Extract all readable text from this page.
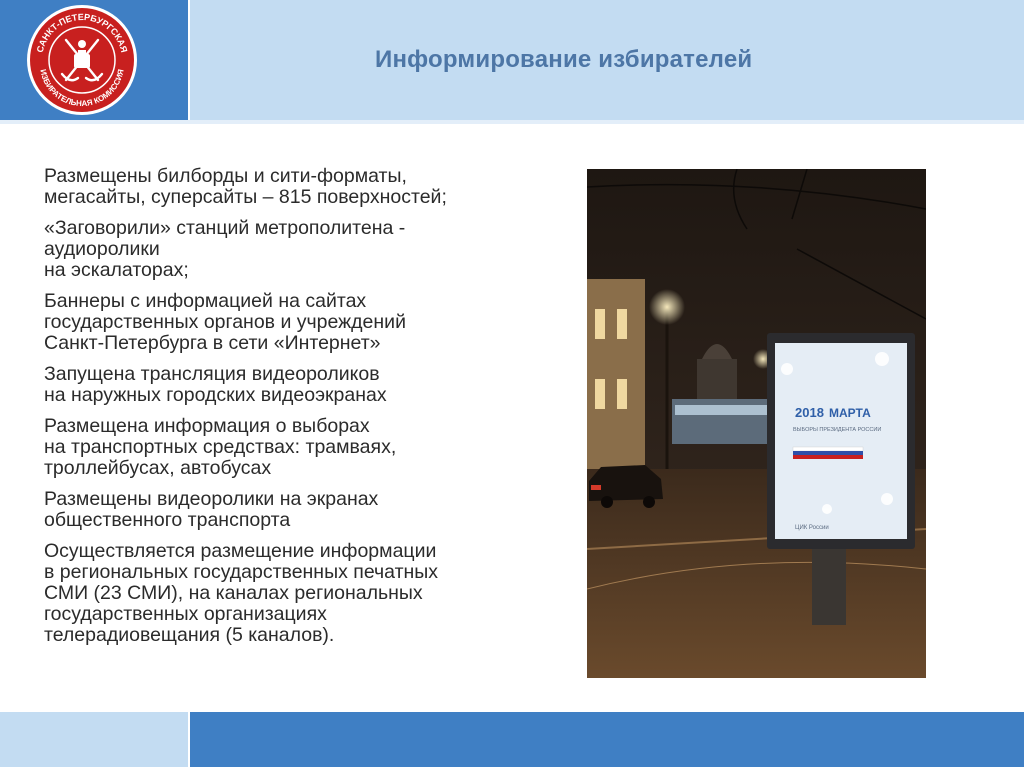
САНКТ-ПЕТЕРБУРГСКАЯ
ИЗБИРАТЕЛЬНАЯ КОМИССИЯ	Информирование избирателей
Размещены билборды и сити-форматы,
мегасайты, суперсайты – 815 поверхностей;
«Заговорили» станций метрополитена -
аудиоролики
на эскалаторах;
Баннеры с информацией на сайтах
государственных органов и учреждений
Санкт-Петербурга в сети «Интернет»
Запущена трансляция видеороликов
на наружных городских видеоэкранах
Размещена информация о выборах
на транспортных средствах: трамваях,
троллейбусах, автобусах
Размещены видеоролики на экранах
общественного транспорта
Осуществляется размещение информации
в региональных государственных печатных
СМИ (23 СМИ), на каналах региональных
государственных организациях
телерадиовещания (5 каналов).
2018 МАРТА
ВЫБОРЫ ПРЕЗИДЕНТА РОССИИ
ЦИК России
